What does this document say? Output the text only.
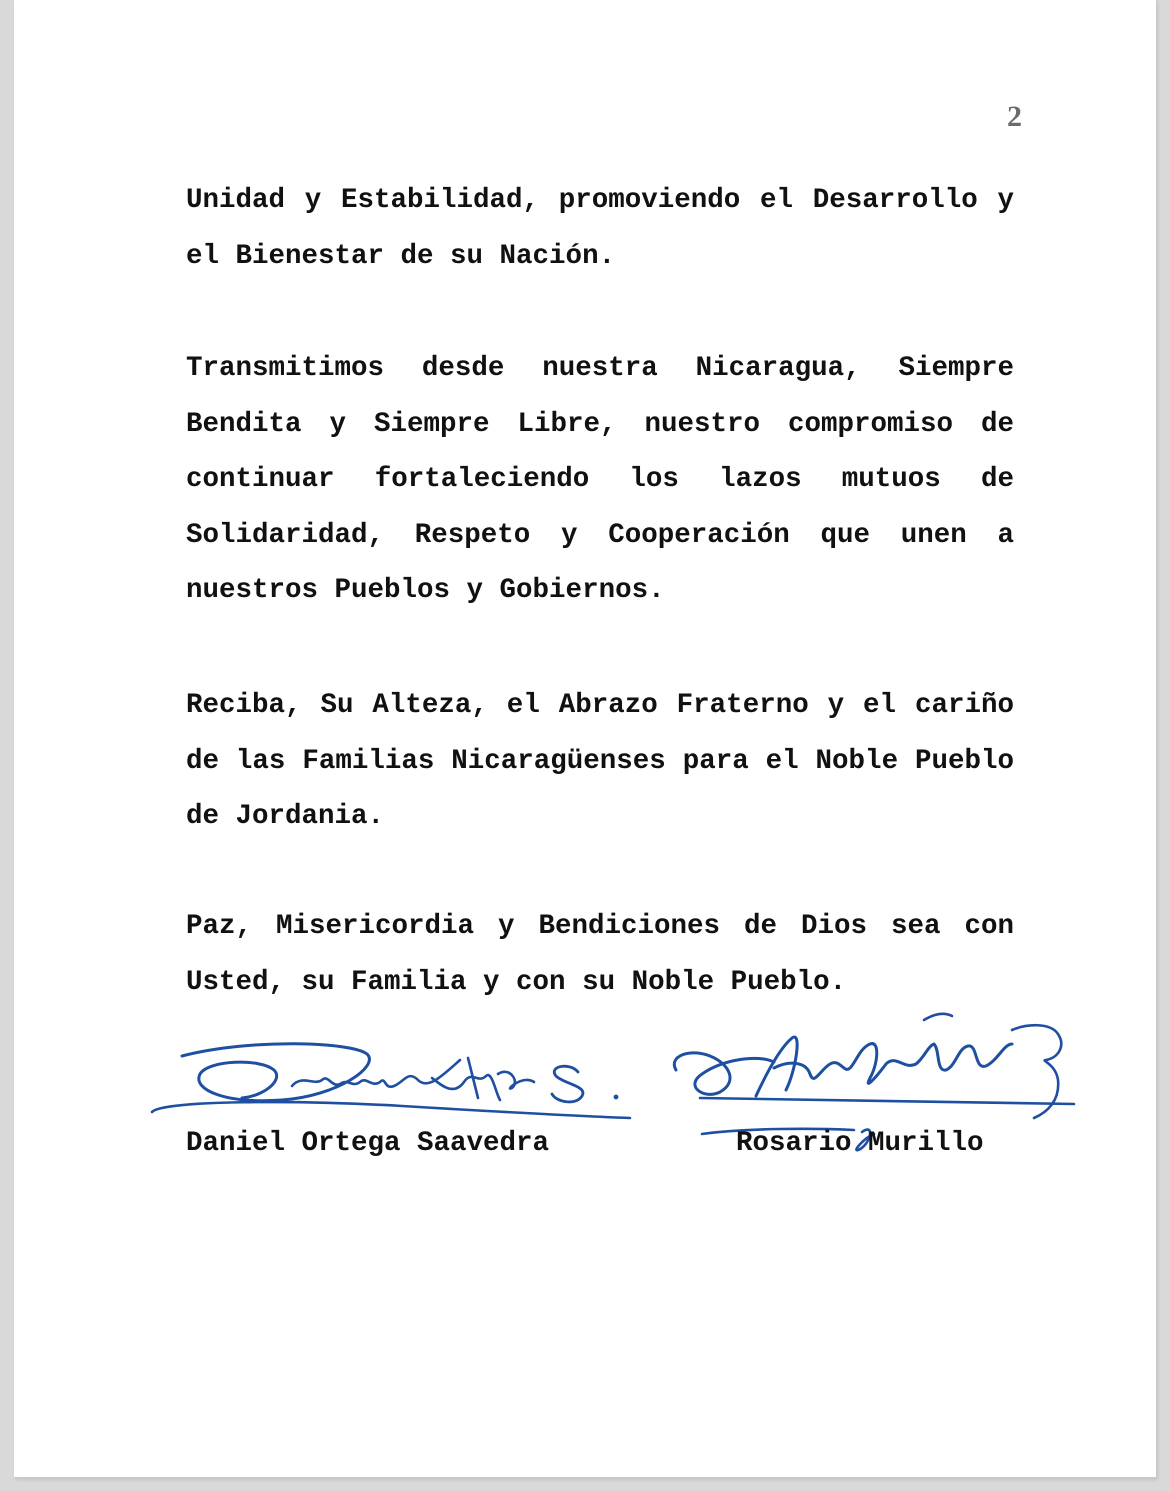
2

Unidad y Estabilidad, promoviendo el Desarrollo y el Bienestar de su Nación.

Transmitimos desde nuestra Nicaragua, Siempre Bendita y Siempre Libre, nuestro compromiso de continuar fortaleciendo los lazos mutuos de Solidaridad, Respeto y Cooperación que unen a nuestros Pueblos y Gobiernos.

Reciba, Su Alteza, el Abrazo Fraterno y el cariño de las Familias Nicaragüenses para el Noble Pueblo de Jordania.

Paz, Misericordia y Bendiciones de Dios sea con Usted, su Familia y con su Noble Pueblo.

Daniel Ortega Saavedra	Rosario Murillo
